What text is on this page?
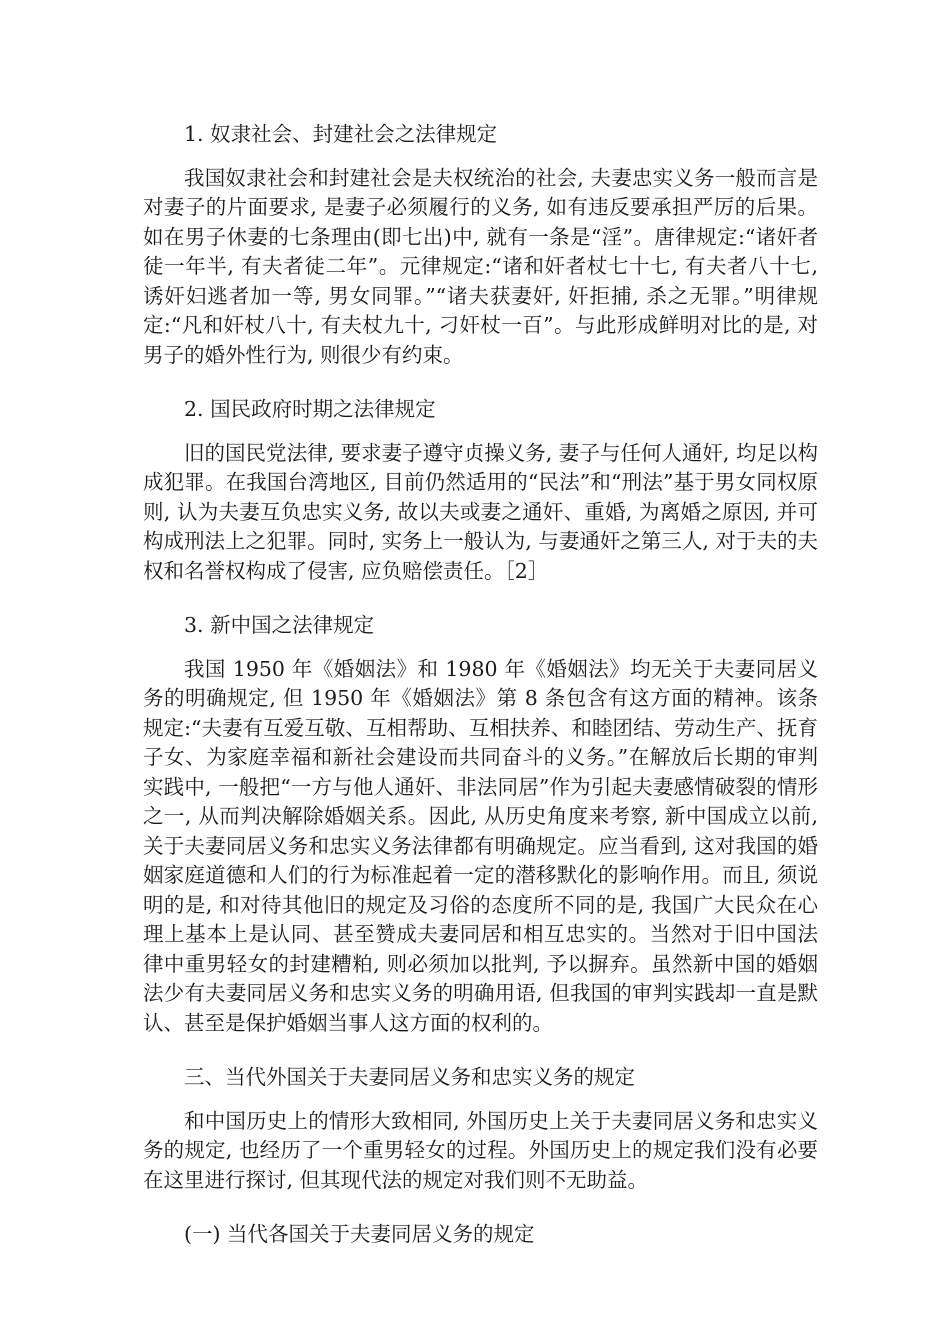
1. 奴隶社会、封建社会之法律规定

我国奴隶社会和封建社会是夫权统治的社会, 夫妻忠实义务一般而言是对妻子的片面要求, 是妻子必须履行的义务, 如有违反要承担严厉的后果。如在男子休妻的七条理由(即七出)中, 就有一条是“淫”。唐律规定:“诸奸者徒一年半, 有夫者徒二年”。元律规定:“诸和奸者杖七十七, 有夫者八十七, 诱奸妇逃者加一等, 男女同罪。”“诸夫获妻奸, 奸拒捕, 杀之无罪。”明律规定:“凡和奸杖八十, 有夫杖九十, 刁奸杖一百”。与此形成鲜明对比的是, 对男子的婚外性行为, 则很少有约束。

2. 国民政府时期之法律规定

旧的国民党法律, 要求妻子遵守贞操义务, 妻子与任何人通奸, 均足以构成犯罪。在我国台湾地区, 目前仍然适用的“民法”和“刑法”基于男女同权原则, 认为夫妻互负忠实义务, 故以夫或妻之通奸、重婚, 为离婚之原因, 并可构成刑法上之犯罪。同时, 实务上一般认为, 与妻通奸之第三人, 对于夫的夫权和名誉权构成了侵害, 应负赔偿责任。［2］

3. 新中国之法律规定

我国 1950 年《婚姻法》和 1980 年《婚姻法》均无关于夫妻同居义务的明确规定, 但 1950 年《婚姻法》第 8 条包含有这方面的精神。该条规定:“夫妻有互爱互敬、互相帮助、互相扶养、和睦团结、劳动生产、抚育子女、为家庭幸福和新社会建设而共同奋斗的义务。”在解放后长期的审判实践中, 一般把“一方与他人通奸、非法同居”作为引起夫妻感情破裂的情形之一, 从而判决解除婚姻关系。因此, 从历史角度来考察, 新中国成立以前, 关于夫妻同居义务和忠实义务法律都有明确规定。应当看到, 这对我国的婚姻家庭道德和人们的行为标准起着一定的潜移默化的影响作用。而且, 须说明的是, 和对待其他旧的规定及习俗的态度所不同的是, 我国广大民众在心理上基本上是认同、甚至赞成夫妻同居和相互忠实的。当然对于旧中国法律中重男轻女的封建糟粕, 则必须加以批判, 予以摒弃。虽然新中国的婚姻法少有夫妻同居义务和忠实义务的明确用语, 但我国的审判实践却一直是默认、甚至是保护婚姻当事人这方面的权利的。

三、当代外国关于夫妻同居义务和忠实义务的规定

和中国历史上的情形大致相同, 外国历史上关于夫妻同居义务和忠实义务的规定, 也经历了一个重男轻女的过程。外国历史上的规定我们没有必要在这里进行探讨, 但其现代法的规定对我们则不无助益。

(一) 当代各国关于夫妻同居义务的规定
